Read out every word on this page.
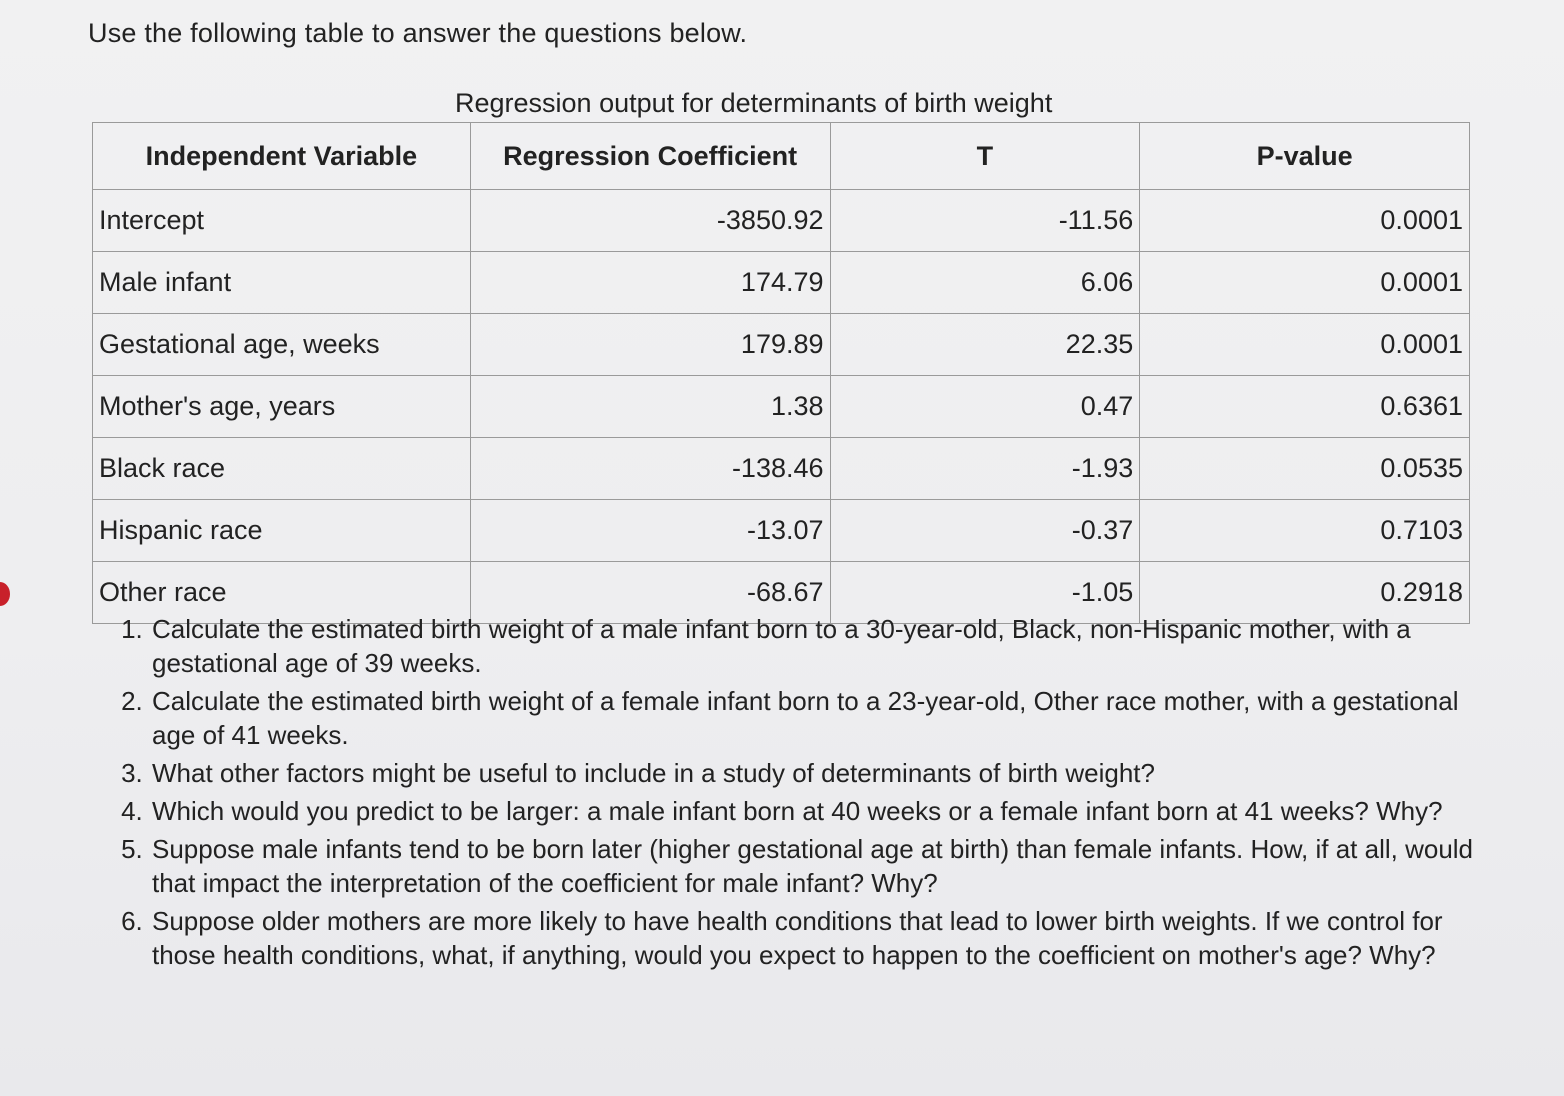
Use the following table to answer the questions below.
Regression output for determinants of birth weight
Independent Variable	Regression Coefficient	T	P-value
Intercept	-3850.92	-11.56	0.0001
Male infant	174.79	6.06	0.0001
Gestational age, weeks	179.89	22.35	0.0001
Mother's age, years	1.38	0.47	0.6361
Black race	-138.46	-1.93	0.0535
Hispanic race	-13.07	-0.37	0.7103
Other race	-68.67	-1.05	0.2918
1. Calculate the estimated birth weight of a male infant born to a 30-year-old, Black, non-Hispanic mother, with a gestational age of 39 weeks.
2. Calculate the estimated birth weight of a female infant born to a 23-year-old, Other race mother, with a gestational age of 41 weeks.
3. What other factors might be useful to include in a study of determinants of birth weight?
4. Which would you predict to be larger: a male infant born at 40 weeks or a female infant born at 41 weeks? Why?
5. Suppose male infants tend to be born later (higher gestational age at birth) than female infants. How, if at all, would that impact the interpretation of the coefficient for male infant? Why?
6. Suppose older mothers are more likely to have health conditions that lead to lower birth weights. If we control for those health conditions, what, if anything, would you expect to happen to the coefficient on mother's age? Why?
